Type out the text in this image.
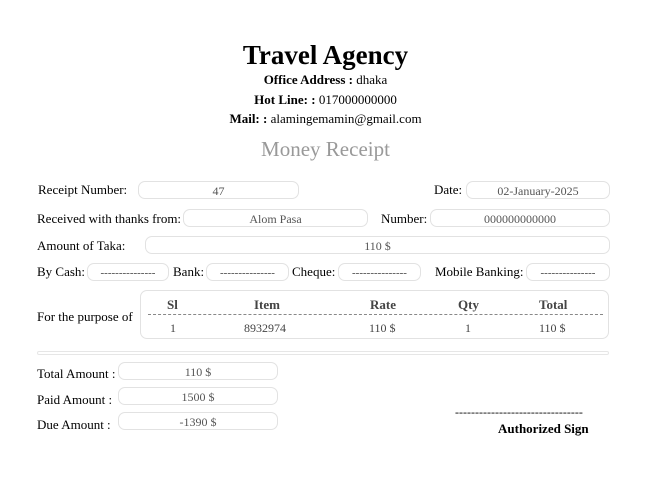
Travel Agency
Office Address : dhaka
Hot Line: : 017000000000
Mail: : alamingemamin@gmail.com
Money Receipt
Receipt Number:	47	Date:	02-January-2025
Received with thanks from:	Alom Pasa	Number:	000000000000
Amount of Taka:	110 $
By Cash:	---------------	Bank:	---------------	Cheque:	---------------	Mobile Banking:	---------------
For the purpose of
Sl	Item	Rate	Qty	Total
1	8932974	110 $	1	110 $
Total Amount :	110 $
Paid Amount :	1500 $
Due Amount :	-1390 $
--------------------------------
Authorized Sign
